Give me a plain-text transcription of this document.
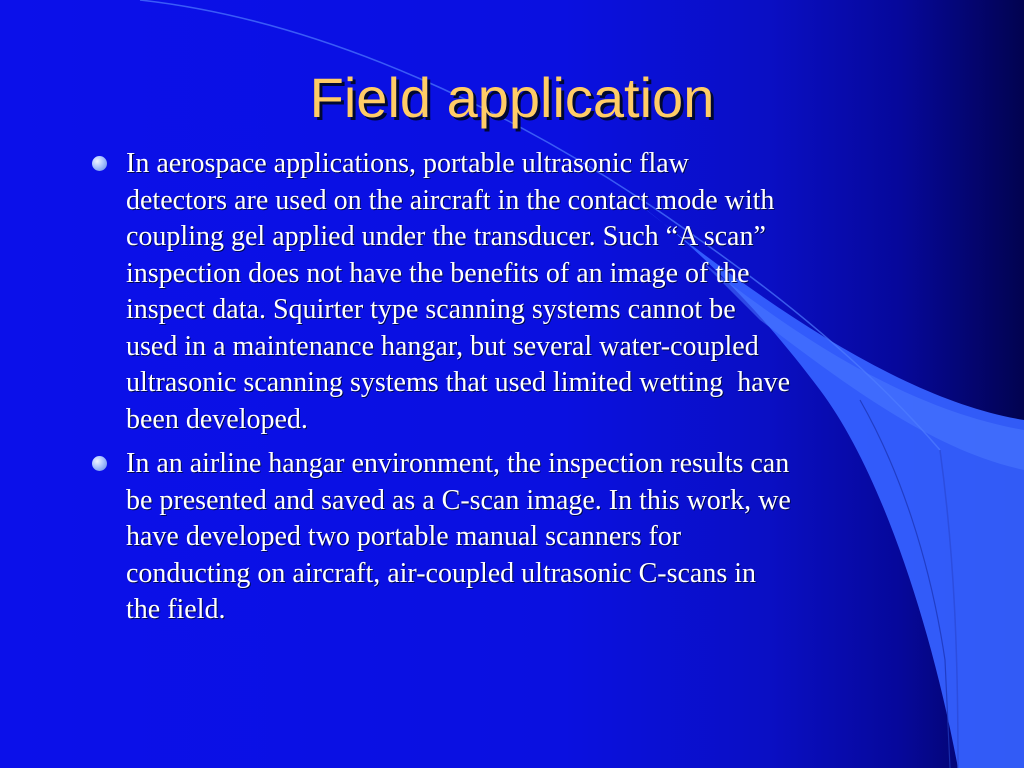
Field application
In aerospace applications, portable ultrasonic flaw
detectors are used on the aircraft in the contact mode with
coupling gel applied under the transducer. Such “A scan”
inspection does not have the benefits of an image of the
inspect data. Squirter type scanning systems cannot be
used in a maintenance hangar, but several water-coupled
ultrasonic scanning systems that used limited wetting  have
been developed.
In an airline hangar environment, the inspection results can
be presented and saved as a C-scan image. In this work, we
have developed two portable manual scanners for
conducting on aircraft, air-coupled ultrasonic C-scans in
the field.
